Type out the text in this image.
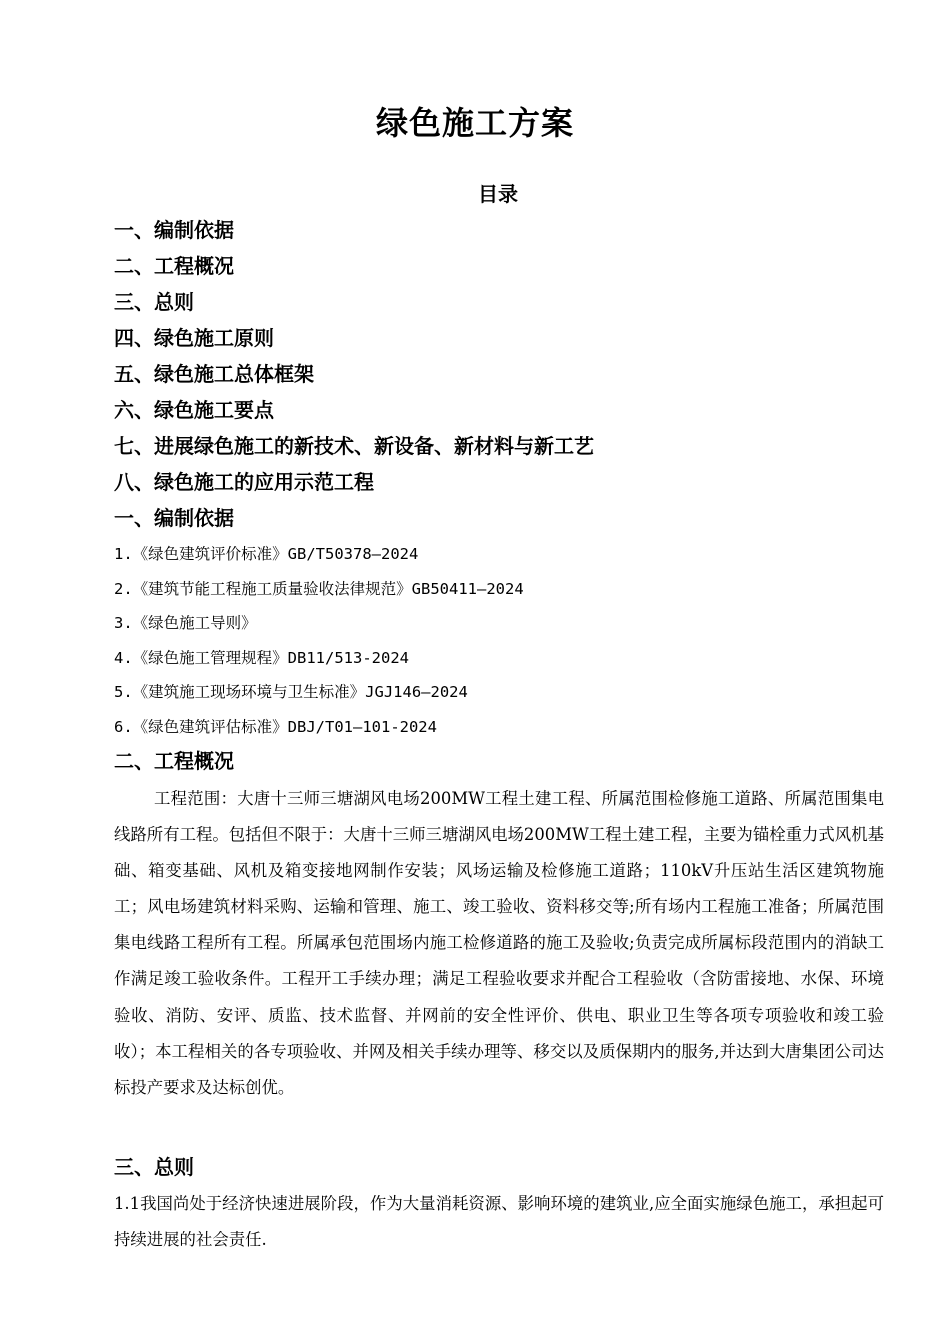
绿色施工方案
目录
一、编制依据
二、工程概况
三、总则
四、绿色施工原则
五、绿色施工总体框架
六、绿色施工要点
七、进展绿色施工的新技术、新设备、新材料与新工艺
八、绿色施工的应用示范工程
一、编制依据
1.《绿色建筑评价标准》GB/T50378—2024
2.《建筑节能工程施工质量验收法律规范》GB50411—2024
3.《绿色施工导则》
4.《绿色施工管理规程》DB11/513-2024
5.《建筑施工现场环境与卫生标准》JGJ146—2024
6.《绿色建筑评估标准》DBJ/T01—101-2024
二、工程概况
工程范围：大唐十三师三塘湖风电场200MW工程土建工程、所属范围检修施工道路、所属范围集电线路所有工程。包括但不限于：大唐十三师三塘湖风电场200MW工程土建工程，主要为锚栓重力式风机基础、箱变基础、风机及箱变接地网制作安装；风场运输及检修施工道路；110kV升压站生活区建筑物施工；风电场建筑材料采购、运输和管理、施工、竣工验收、资料移交等;所有场内工程施工准备；所属范围集电线路工程所有工程。所属承包范围场内施工检修道路的施工及验收;负责完成所属标段范围内的消缺工作满足竣工验收条件。工程开工手续办理；满足工程验收要求并配合工程验收（含防雷接地、水保、环境验收、消防、安评、质监、技术监督、并网前的安全性评价、供电、职业卫生等各项专项验收和竣工验收）；本工程相关的各专项验收、并网及相关手续办理等、移交以及质保期内的服务,并达到大唐集团公司达标投产要求及达标创优。
三、总则
1.1我国尚处于经济快速进展阶段，作为大量消耗资源、影响环境的建筑业,应全面实施绿色施工，承担起可持续进展的社会责任.
